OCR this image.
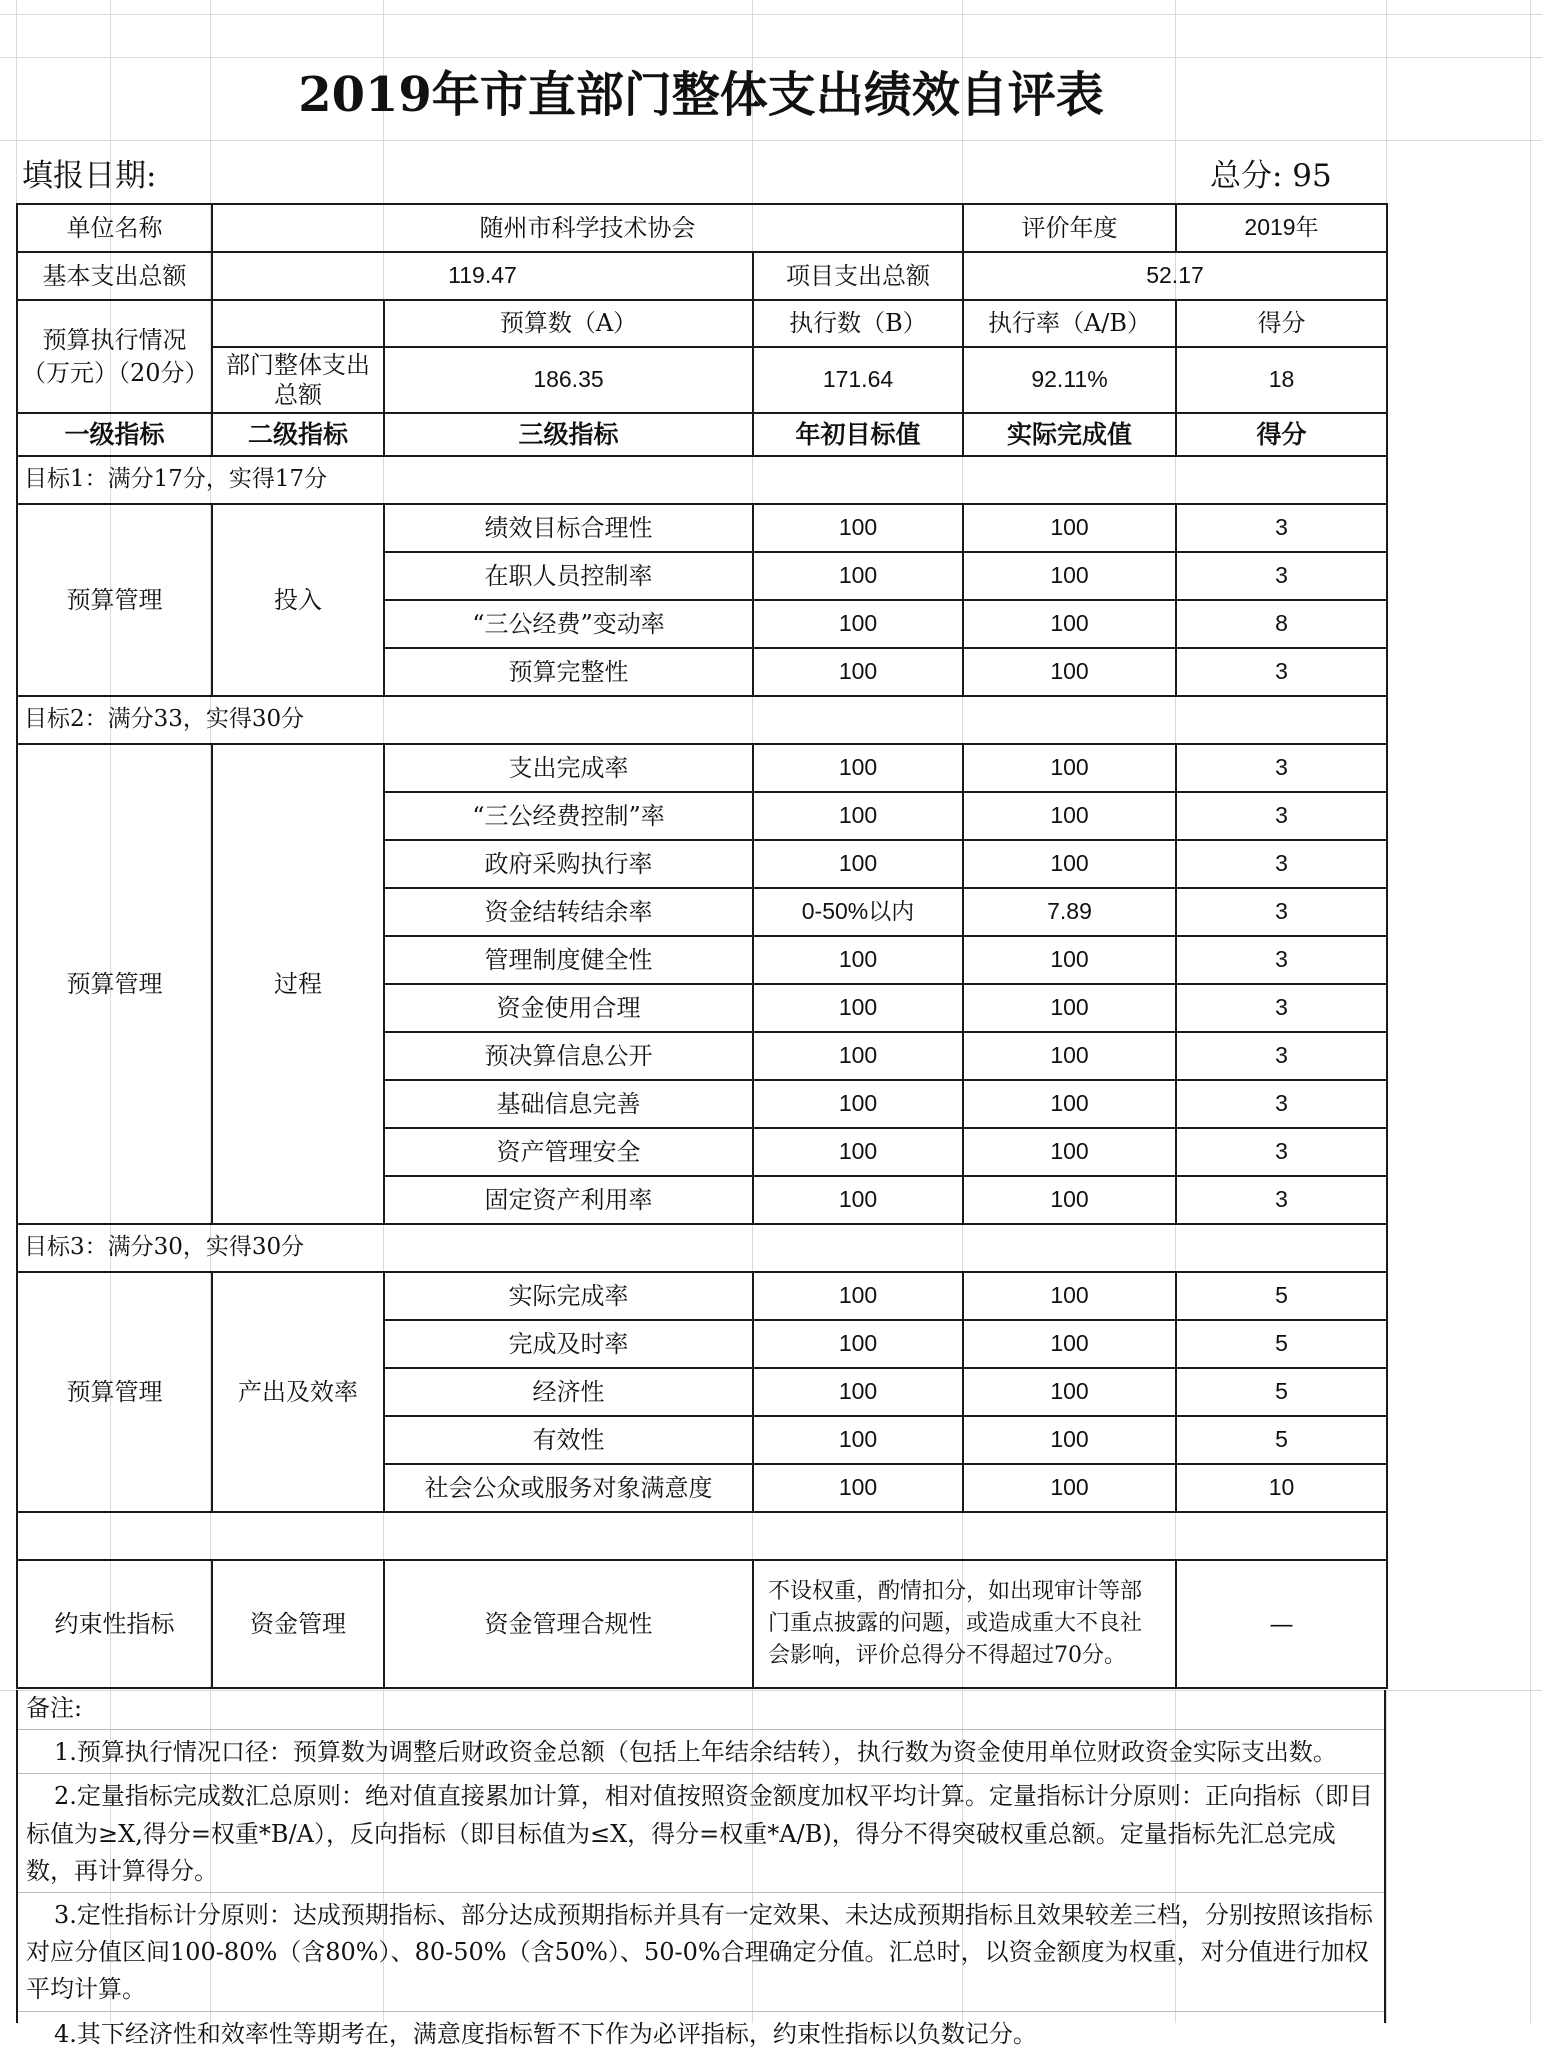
2019年市直部门整体支出绩效自评表
填报日期:	总分: 95
单位名称	随州市科学技术协会			评价年度	2019年
基本支出总额	119.47		项目支出总额	52.17	
预算执行情况（万元）（20分）		预算数（A）	执行数（B）	执行率（A/B）	得分
	部门整体支出总额	186.35	171.64	92.11%	18
一级指标	二级指标	三级指标	年初目标值	实际完成值	得分
目标1：满分17分，实得17分					
预算管理	投入	绩效目标合理性	100	100	3
		在职人员控制率	100	100	3
		“三公经费”变动率	100	100	8
		预算完整性	100	100	3
目标2：满分33，实得30分					
预算管理	过程	支出完成率	100	100	3
		“三公经费控制”率	100	100	3
		政府采购执行率	100	100	3
		资金结转结余率	0-50%以内	7.89	3
		管理制度健全性	100	100	3
		资金使用合理	100	100	3
		预决算信息公开	100	100	3
		基础信息完善	100	100	3
		资产管理安全	100	100	3
		固定资产利用率	100	100	3
目标3：满分30，实得30分					
预算管理	产出及效率	实际完成率	100	100	5
		完成及时率	100	100	5
		经济性	100	100	5
		有效性	100	100	5
		社会公众或服务对象满意度	100	100	10

约束性指标	资金管理	资金管理合规性	不设权重，酌情扣分，如出现审计等部门重点披露的问题，或造成重大不良社会影响，评价总得分不得超过70分。		—

备注:

1.预算执行情况口径：预算数为调整后财政资金总额（包括上年结余结转），执行数为资金使用单位财政资金实际支出数。

2.定量指标完成数汇总原则：绝对值直接累加计算，相对值按照资金额度加权平均计算。定量指标计分原则：正向指标（即目标值为≥X,得分=权重*B/A），反向指标（即目标值为≤X，得分=权重*A/B)，得分不得突破权重总额。定量指标先汇总完成数，再计算得分。

3.定性指标计分原则：达成预期指标、部分达成预期指标并具有一定效果、未达成预期指标且效果较差三档，分别按照该指标对应分值区间100-80%（含80%）、80-50%（含50%）、50-0%合理确定分值。汇总时，以资金额度为权重，对分值进行加权平均计算。

4.其下经济性和效率性等期考在，满意度指标暂不下作为必评指标，约束性指标以负数记分。
